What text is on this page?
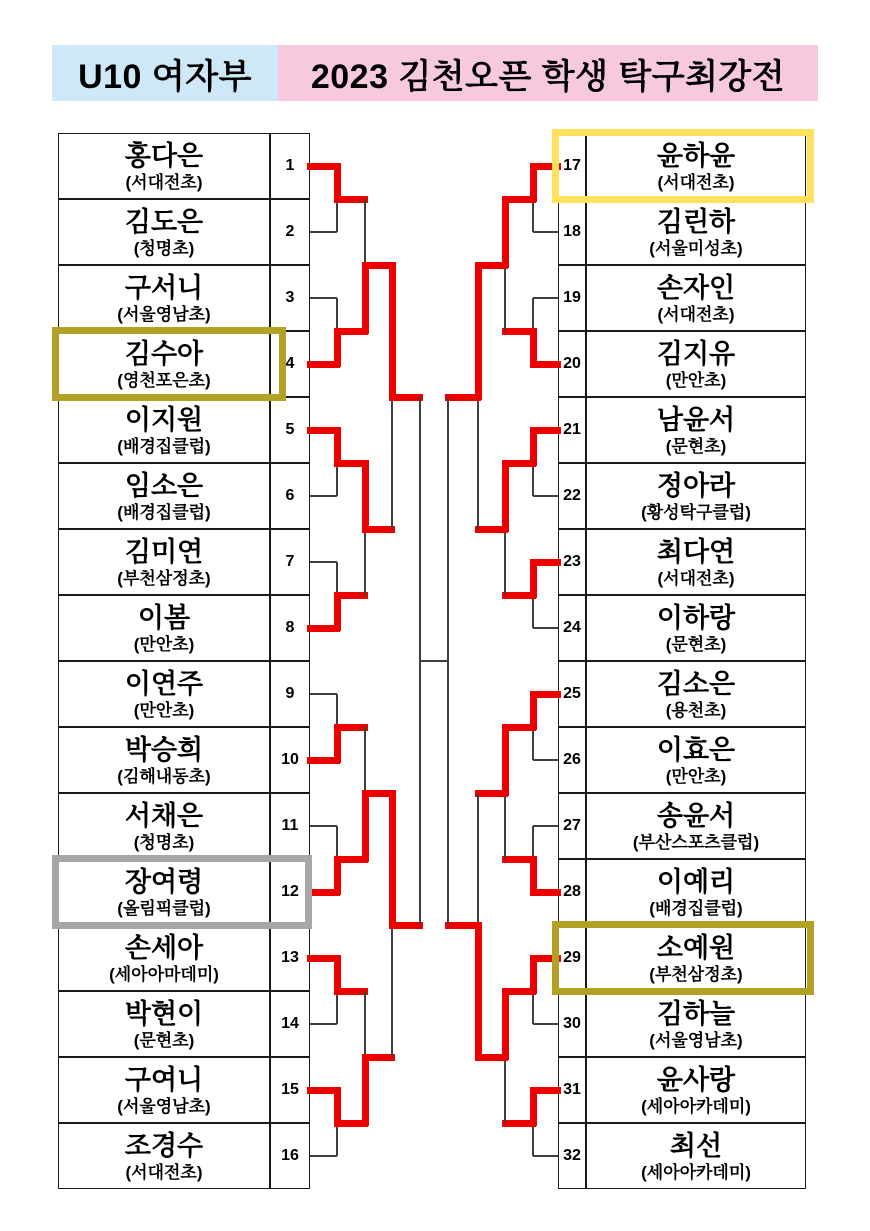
U10 여자부	2023 김천오픈 학생 탁구최강전
홍다은
(서대전초)
1
김도은
(청명초)
2
구서니
(서울영남초)
3
김수아
(영천포은초)
4
이지원
(배경집클럽)
5
임소은
(배경집클럽)
6
김미연
(부천삼정초)
7
이봄
(만안초)
8
이연주
(만안초)
9
박승희
(김해내동초)
10
서채은
(청명초)
11
장여령
(올림픽클럽)
12
손세아
(세아아마데미)
13
박현이
(문현초)
14
구여니
(서울영남초)
15
조경수
(서대전초)
16
윤하윤
(서대전초)
17
김린하
(서울미성초)
18
손자인
(서대전초)
19
김지유
(만안초)
20
남윤서
(문현초)
21
정아라
(황성탁구클럽)
22
최다연
(서대전초)
23
이하랑
(문현초)
24
김소은
(용천초)
25
이효은
(만안초)
26
송윤서
(부산스포츠클럽)
27
이예리
(배경집클럽)
28
소예원
(부천삼정초)
29
김하늘
(서울영남초)
30
윤사랑
(세아아카데미)
31
최선
(세아아카데미)
32
